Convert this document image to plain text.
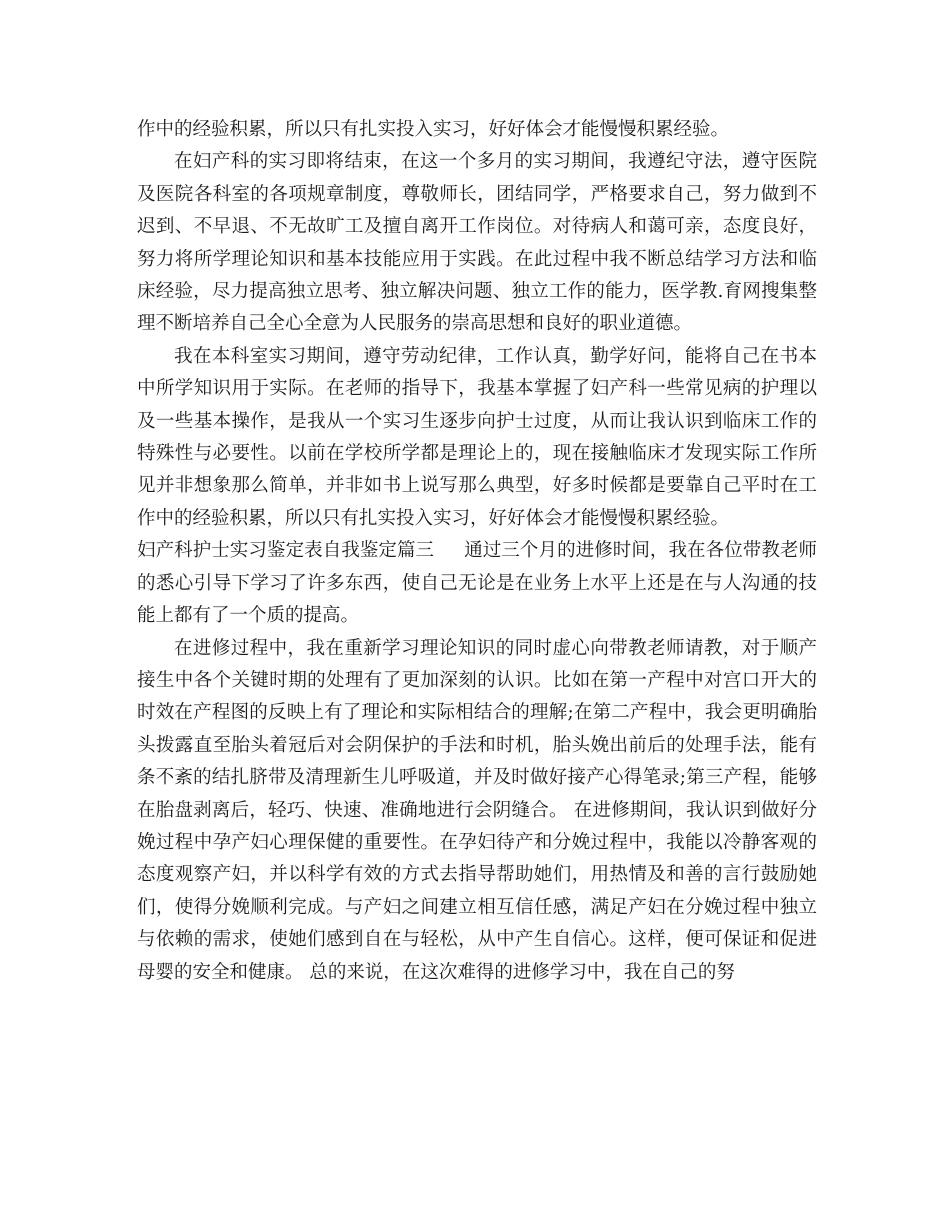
作中的经验积累，所以只有扎实投入实习，好好体会才能慢慢积累经验。

在妇产科的实习即将结束，在这一个多月的实习期间，我遵纪守法，遵守医院及医院各科室的各项规章制度，尊敬师长，团结同学，严格要求自己，努力做到不迟到、不早退、不无故旷工及擅自离开工作岗位。对待病人和蔼可亲，态度良好，努力将所学理论知识和基本技能应用于实践。在此过程中我不断总结学习方法和临床经验，尽力提高独立思考、独立解决问题、独立工作的能力，医学教.育网搜集整理不断培养自己全心全意为人民服务的崇高思想和良好的职业道德。

我在本科室实习期间，遵守劳动纪律，工作认真，勤学好问，能将自己在书本中所学知识用于实际。在老师的指导下，我基本掌握了妇产科一些常见病的护理以及一些基本操作，是我从一个实习生逐步向护士过度，从而让我认识到临床工作的特殊性与必要性。以前在学校所学都是理论上的，现在接触临床才发现实际工作所见并非想象那么简单，并非如书上说写那么典型，好多时候都是要靠自己平时在工作中的经验积累，所以只有扎实投入实习，好好体会才能慢慢积累经验。

妇产科护士实习鉴定表自我鉴定篇三 通过三个月的进修时间，我在各位带教老师的悉心引导下学习了许多东西，使自己无论是在业务上水平上还是在与人沟通的技能上都有了一个质的提高。

在进修过程中，我在重新学习理论知识的同时虚心向带教老师请教，对于顺产接生中各个关键时期的处理有了更加深刻的认识。比如在第一产程中对宫口开大的时效在产程图的反映上有了理论和实际相结合的理解;在第二产程中，我会更明确胎头拨露直至胎头着冠后对会阴保护的手法和时机，胎头娩出前后的处理手法，能有条不紊的结扎脐带及清理新生儿呼吸道，并及时做好接产心得笔录;第三产程，能够在胎盘剥离后，轻巧、快速、准确地进行会阴缝合。 在进修期间，我认识到做好分娩过程中孕产妇心理保健的重要性。在孕妇待产和分娩过程中，我能以冷静客观的态度观察产妇，并以科学有效的方式去指导帮助她们，用热情及和善的言行鼓励她们，使得分娩顺利完成。与产妇之间建立相互信任感，满足产妇在分娩过程中独立与依赖的需求，使她们感到自在与轻松，从中产生自信心。这样，便可保证和促进母婴的安全和健康。 总的来说，在这次难得的进修学习中，我在自己的努
